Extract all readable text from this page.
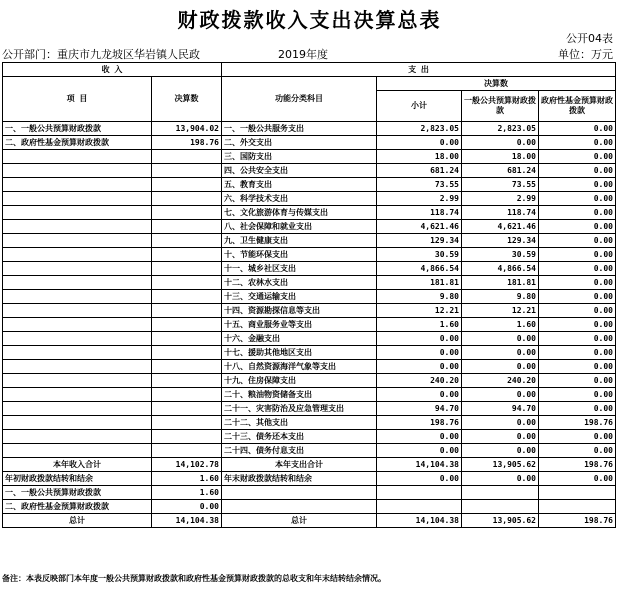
财政拨款收入支出决算总表
公开04表
公开部门：重庆市九龙坡区华岩镇人民政	2019年度	单位：万元
收 入		支 出			
项 目	决算数	功能分类科目	决算数		
			小计	一般公共预算财政拨款	政府性基金预算财政拨款
一、一般公共预算财政拨款	13,904.02	一、一般公共服务支出	2,823.05	2,823.05	0.00
二、政府性基金预算财政拨款	198.76	二、外交支出	0.00	0.00	0.00
		三、国防支出	18.00	18.00	0.00
		四、公共安全支出	681.24	681.24	0.00
		五、教育支出	73.55	73.55	0.00
		六、科学技术支出	2.99	2.99	0.00
		七、文化旅游体育与传媒支出	118.74	118.74	0.00
		八、社会保障和就业支出	4,621.46	4,621.46	0.00
		九、卫生健康支出	129.34	129.34	0.00
		十、节能环保支出	30.59	30.59	0.00
		十一、城乡社区支出	4,866.54	4,866.54	0.00
		十二、农林水支出	181.81	181.81	0.00
		十三、交通运输支出	9.80	9.80	0.00
		十四、资源勘探信息等支出	12.21	12.21	0.00
		十五、商业服务业等支出	1.60	1.60	0.00
		十六、金融支出	0.00	0.00	0.00
		十七、援助其他地区支出	0.00	0.00	0.00
		十八、自然资源海洋气象等支出	0.00	0.00	0.00
		十九、住房保障支出	240.20	240.20	0.00
		二十、粮油物资储备支出	0.00	0.00	0.00
		二十一、灾害防治及应急管理支出	94.70	94.70	0.00
		二十二、其他支出	198.76	0.00	198.76
		二十三、债务还本支出	0.00	0.00	0.00
		二十四、债务付息支出	0.00	0.00	0.00
本年收入合计	14,102.78	本年支出合计	14,104.38	13,905.62	198.76
年初财政拨款结转和结余	1.60	年末财政拨款结转和结余	0.00	0.00	0.00
一、一般公共预算财政拨款	1.60				
二、政府性基金预算财政拨款	0.00				
总计	14,104.38	总计	14,104.38	13,905.62	198.76
备注：本表反映部门本年度一般公共预算财政拨款和政府性基金预算财政拨款的总收支和年末结转结余情况。
